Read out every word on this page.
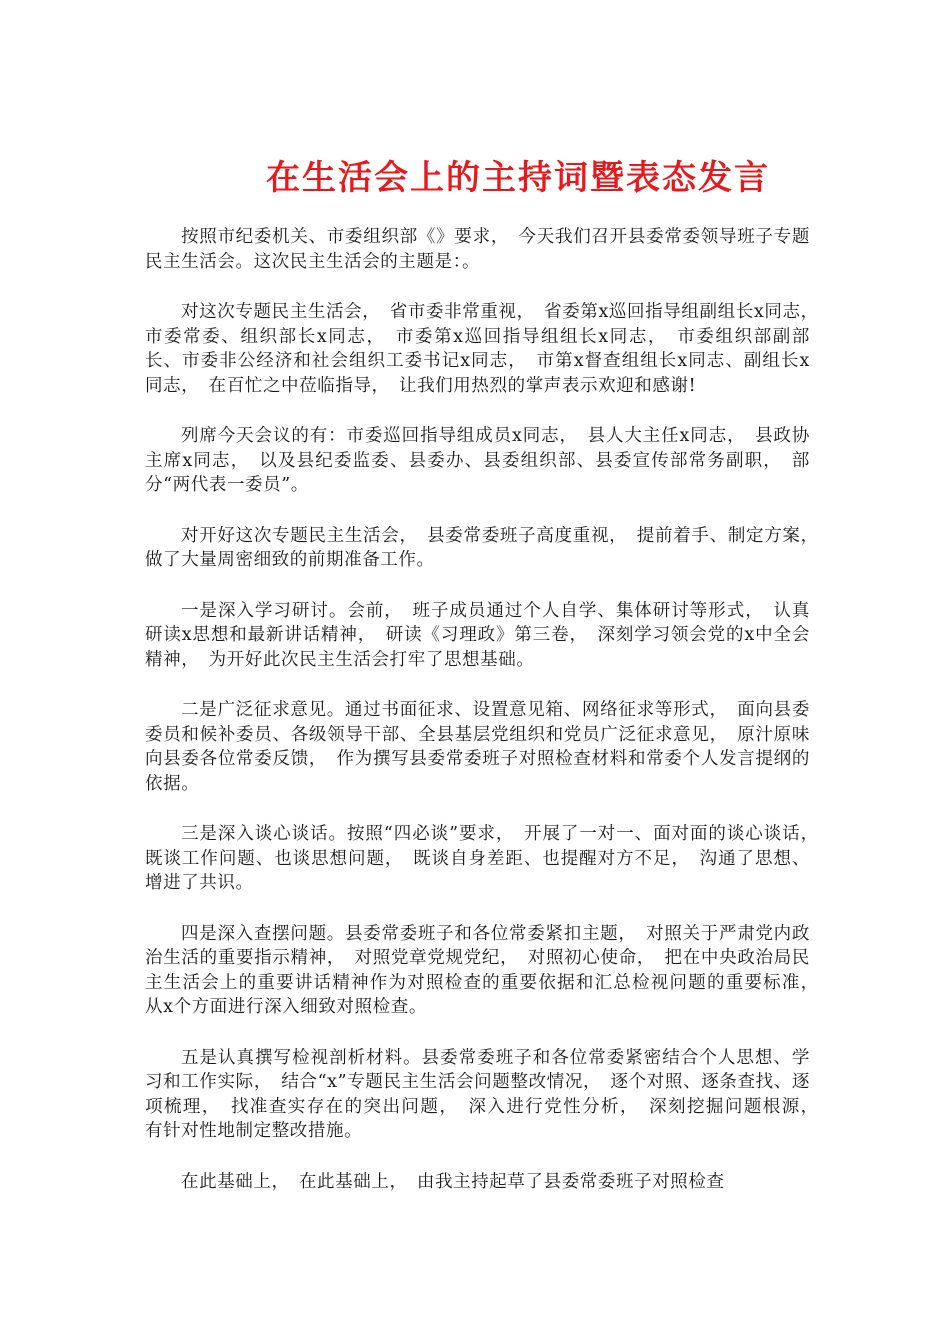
在生活会上的主持词暨表态发言

按照市纪委机关、市委组织部《》要求，　今天我们召开县委常委领导班子专题民主生活会。这次民主生活会的主题是：。

对这次专题民主生活会，　省市委非常重视，　省委第x巡回指导组副组长x同志，　市委常委、组织部长x同志，　市委第x巡回指导组组长x同志，　市委组织部副部长、市委非公经济和社会组织工委书记x同志，　市第x督查组组长x同志、副组长x同志，　在百忙之中莅临指导，　让我们用热烈的掌声表示欢迎和感谢!

列席今天会议的有：市委巡回指导组成员x同志，　县人大主任x同志，　县政协主席x同志，　以及县纪委监委、县委办、县委组织部、县委宣传部常务副职，　部分“两代表一委员”。

对开好这次专题民主生活会，　县委常委班子高度重视，　提前着手、制定方案，　做了大量周密细致的前期准备工作。

一是深入学习研讨。会前，　班子成员通过个人自学、集体研讨等形式，　认真研读x思想和最新讲话精神，　研读《习理政》第三卷，　深刻学习领会党的x中全会精神，　为开好此次民主生活会打牢了思想基础。

二是广泛征求意见。通过书面征求、设置意见箱、网络征求等形式，　面向县委委员和候补委员、各级领导干部、全县基层党组织和党员广泛征求意见，　原汁原味向县委各位常委反馈，　作为撰写县委常委班子对照检查材料和常委个人发言提纲的依据。

三是深入谈心谈话。按照“四必谈”要求，　开展了一对一、面对面的谈心谈话，　既谈工作问题、也谈思想问题，　既谈自身差距、也提醒对方不足，　沟通了思想、增进了共识。

四是深入查摆问题。县委常委班子和各位常委紧扣主题，　对照关于严肃党内政治生活的重要指示精神，　对照党章党规党纪，　对照初心使命，　把在中央政治局民主生活会上的重要讲话精神作为对照检查的重要依据和汇总检视问题的重要标准，　从x个方面进行深入细致对照检查。

五是认真撰写检视剖析材料。县委常委班子和各位常委紧密结合个人思想、学习和工作实际，　结合“x”专题民主生活会问题整改情况，　逐个对照、逐条查找、逐项梳理，　找准查实存在的突出问题，　深入进行党性分析，　深刻挖掘问题根源，　有针对性地制定整改措施。

在此基础上，　在此基础上，　由我主持起草了县委常委班子对照检查
